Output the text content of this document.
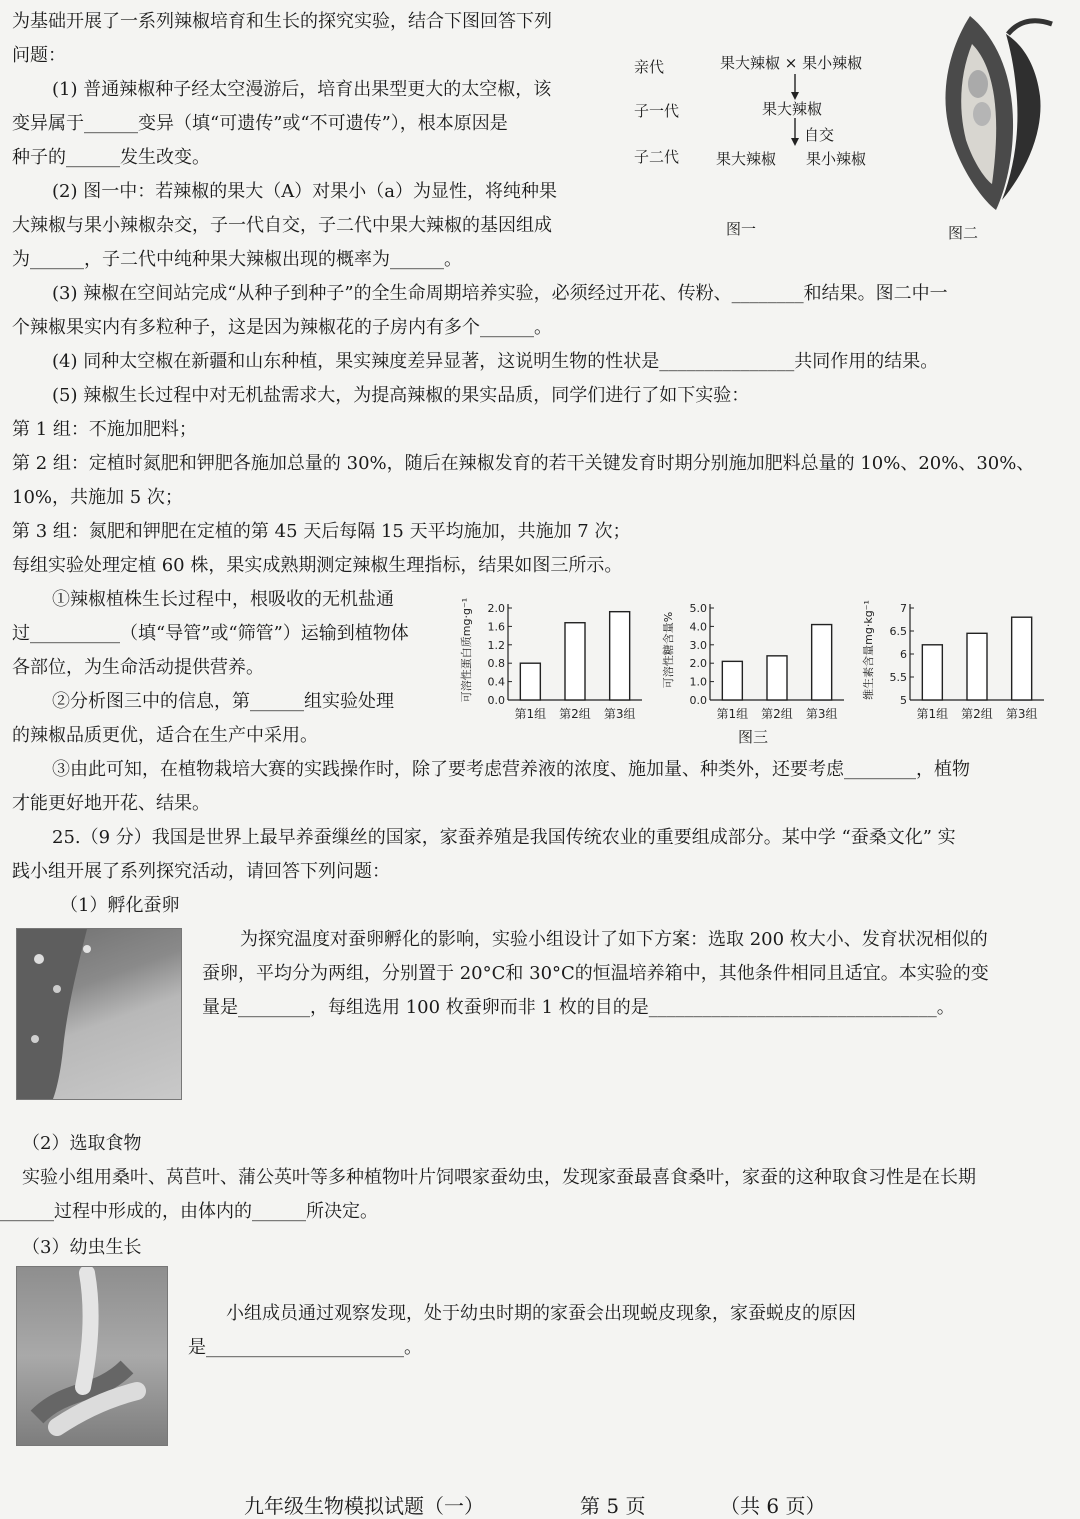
为基础开展了一系列辣椒培育和生长的探究实验，结合下图回答下列
问题：
(1) 普通辣椒种子经太空漫游后，培育出果型更大的太空椒，该
变异属于______变异（填“可遗传”或“不可遗传”），根本原因是
种子的______发生改变。
(2) 图一中：若辣椒的果大（A）对果小（a）为显性，将纯种果
大辣椒与果小辣椒杂交，子一代自交，子二代中果大辣椒的基因组成
为______，子二代中纯种果大辣椒出现的概率为______。
亲代
子一代
子二代
果大辣椒 × 果小辣椒
果大辣椒
自交
果大辣椒 果小辣椒
图一	图二
(3) 辣椒在空间站完成“从种子到种子”的全生命周期培养实验，必须经过开花、传粉、________和结果。图二中一
个辣椒果实内有多粒种子，这是因为辣椒花的子房内有多个______。
(4) 同种太空椒在新疆和山东种植，果实辣度差异显著，这说明生物的性状是_______________共同作用的结果。
(5) 辣椒生长过程中对无机盐需求大，为提高辣椒的果实品质，同学们进行了如下实验：
第 1 组：不施加肥料；
第 2 组：定植时氮肥和钾肥各施加总量的 30%，随后在辣椒发育的若干关键发育时期分别施加肥料总量的 10%、20%、30%、
10%，共施加 5 次；
第 3 组：氮肥和钾肥在定植的第 45 天后每隔 15 天平均施加，共施加 7 次；
每组实验处理定植 60 株，果实成熟期测定辣椒生理指标，结果如图三所示。
①辣椒植株生长过程中，根吸收的无机盐通
过__________（填“导管”或“筛管”）运输到植物体
各部位，为生命活动提供营养。
②分析图三中的信息，第______组实验处理
的辣椒品质更优，适合在生产中采用。
可溶性蛋白质mg·g⁻¹ 0.0
0.4
0.8
1.2
1.6
2.0
第1组 第2组 第3组
可溶性糖含量%
0.0
1.0
2.0
3.0
4.0
5.0
第1组 第2组 第3组
维生素含量mg·kg⁻¹
5
5.5
6
6.5
7
第1组 第2组 第3组
图三
③由此可知，在植物栽培大赛的实践操作时，除了要考虑营养液的浓度、施加量、种类外，还要考虑________，植物
才能更好地开花、结果。
25.（9 分）我国是世界上最早养蚕缫丝的国家，家蚕养殖是我国传统农业的重要组成部分。某中学 “蚕桑文化” 实
践小组开展了系列探究活动，请回答下列问题：
（1）孵化蚕卵
为探究温度对蚕卵孵化的影响，实验小组设计了如下方案：选取 200 枚大小、发育状况相似的
蚕卵，平均分为两组，分别置于 20°C和 30°C的恒温培养箱中，其他条件相同且适宜。本实验的变
量是________，每组选用 100 枚蚕卵而非 1 枚的目的是________________________________。
（2）选取食物
实验小组用桑叶、莴苣叶、蒲公英叶等多种植物叶片饲喂家蚕幼虫，发现家蚕最喜食桑叶，家蚕的这种取食习性是在长期
______过程中形成的，由体内的______所决定。
（3）幼虫生长
小组成员通过观察发现，处于幼虫时期的家蚕会出现蜕皮现象，家蚕蜕皮的原因
是______________________。
九年级生物模拟试题（一）	第 5 页	（共 6 页）
